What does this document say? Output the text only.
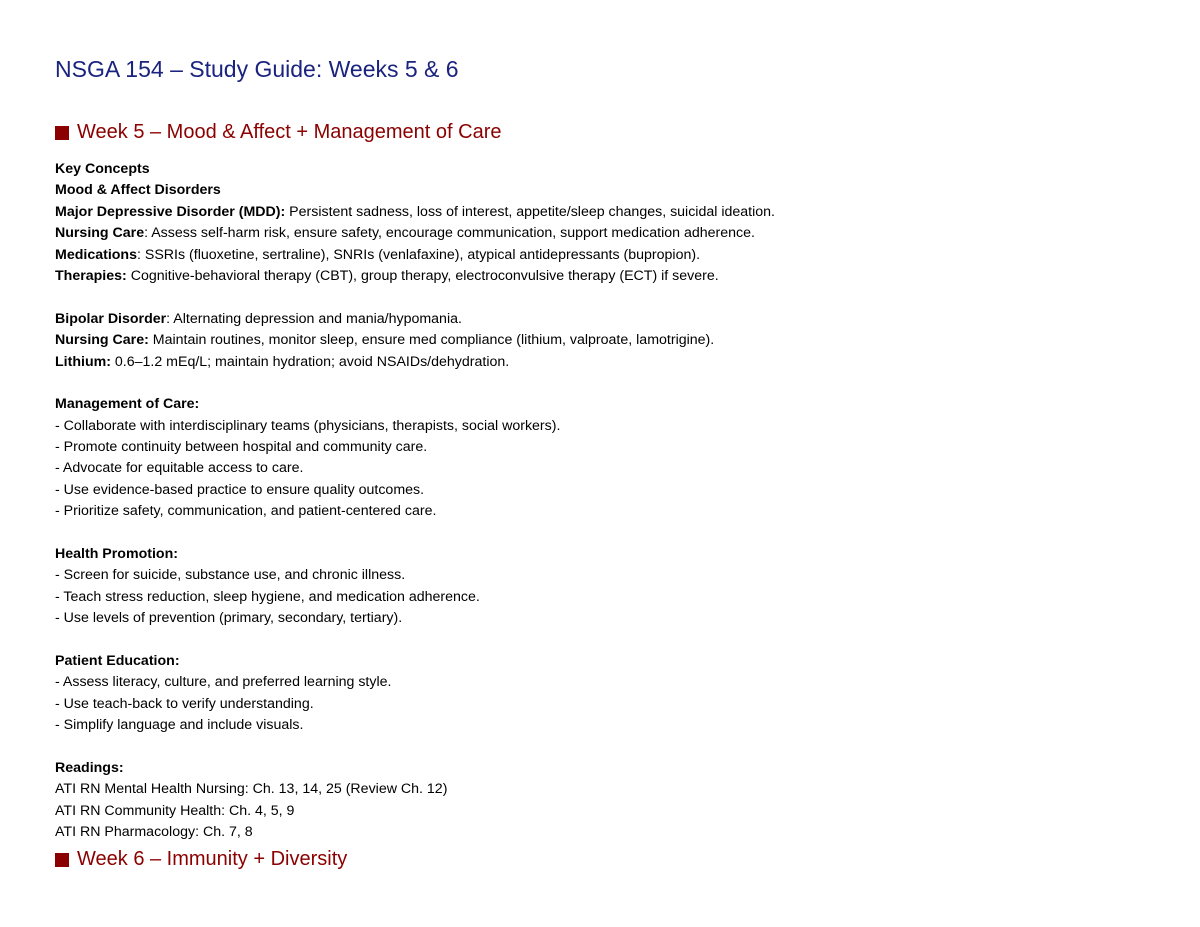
NSGA 154 – Study Guide: Weeks 5 & 6
Week 5 – Mood & Affect + Management of Care
Key Concepts
Mood & Affect Disorders
Major Depressive Disorder (MDD): Persistent sadness, loss of interest, appetite/sleep changes, suicidal ideation.
Nursing Care: Assess self-harm risk, ensure safety, encourage communication, support medication adherence.
Medications: SSRIs (fluoxetine, sertraline), SNRIs (venlafaxine), atypical antidepressants (bupropion).
Therapies: Cognitive-behavioral therapy (CBT), group therapy, electroconvulsive therapy (ECT) if severe.
Bipolar Disorder: Alternating depression and mania/hypomania.
Nursing Care: Maintain routines, monitor sleep, ensure med compliance (lithium, valproate, lamotrigine).
Lithium: 0.6–1.2 mEq/L; maintain hydration; avoid NSAIDs/dehydration.
Management of Care:
- Collaborate with interdisciplinary teams (physicians, therapists, social workers).
- Promote continuity between hospital and community care.
- Advocate for equitable access to care.
- Use evidence-based practice to ensure quality outcomes.
- Prioritize safety, communication, and patient-centered care.
Health Promotion:
- Screen for suicide, substance use, and chronic illness.
- Teach stress reduction, sleep hygiene, and medication adherence.
- Use levels of prevention (primary, secondary, tertiary).
Patient Education:
- Assess literacy, culture, and preferred learning style.
- Use teach-back to verify understanding.
- Simplify language and include visuals.
Readings:
ATI RN Mental Health Nursing: Ch. 13, 14, 25 (Review Ch. 12)
ATI RN Community Health: Ch. 4, 5, 9
ATI RN Pharmacology: Ch. 7, 8
Week 6 – Immunity + Diversity
